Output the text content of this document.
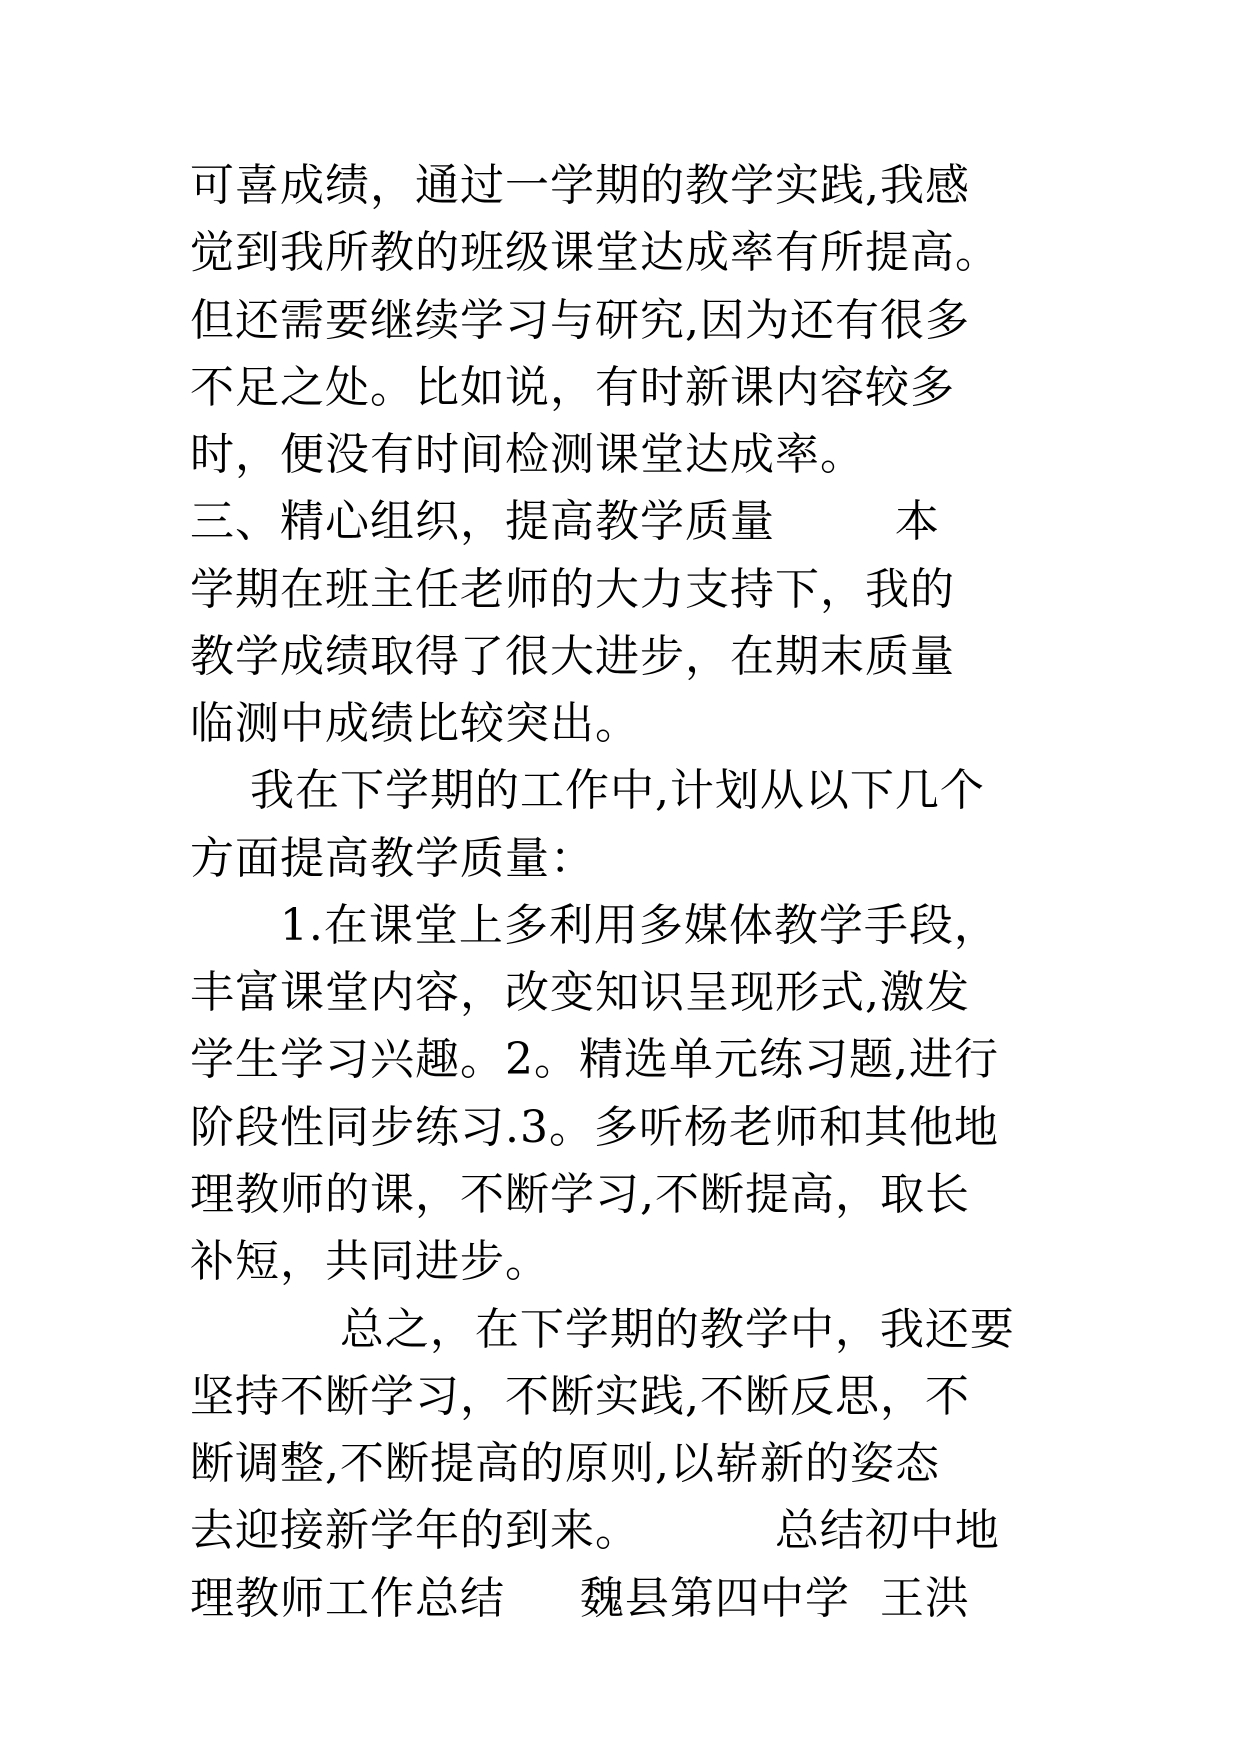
可喜成绩，通过一学期的教学实践,我感
觉到我所教的班级课堂达成率有所提高。
但还需要继续学习与研究,因为还有很多
不足之处。比如说，有时新课内容较多
时，便没有时间检测课堂达成率。
三、精心组织，提高教学质量        本
学期在班主任老师的大力支持下，我的
教学成绩取得了很大进步，在期末质量
临测中成绩比较突出。
我在下学期的工作中,计划从以下几个
方面提高教学质量：
1.在课堂上多利用多媒体教学手段，
丰富课堂内容，改变知识呈现形式,激发
学生学习兴趣。2。精选单元练习题,进行
阶段性同步练习.3。多听杨老师和其他地
理教师的课，不断学习,不断提高，取长
补短，共同进步。
总之，在下学期的教学中，我还要
坚持不断学习，不断实践,不断反思，不
断调整,不断提高的原则,以崭新的姿态
去迎接新学年的到来。         总结初中地
理教师工作总结     魏县第四中学  王洪
